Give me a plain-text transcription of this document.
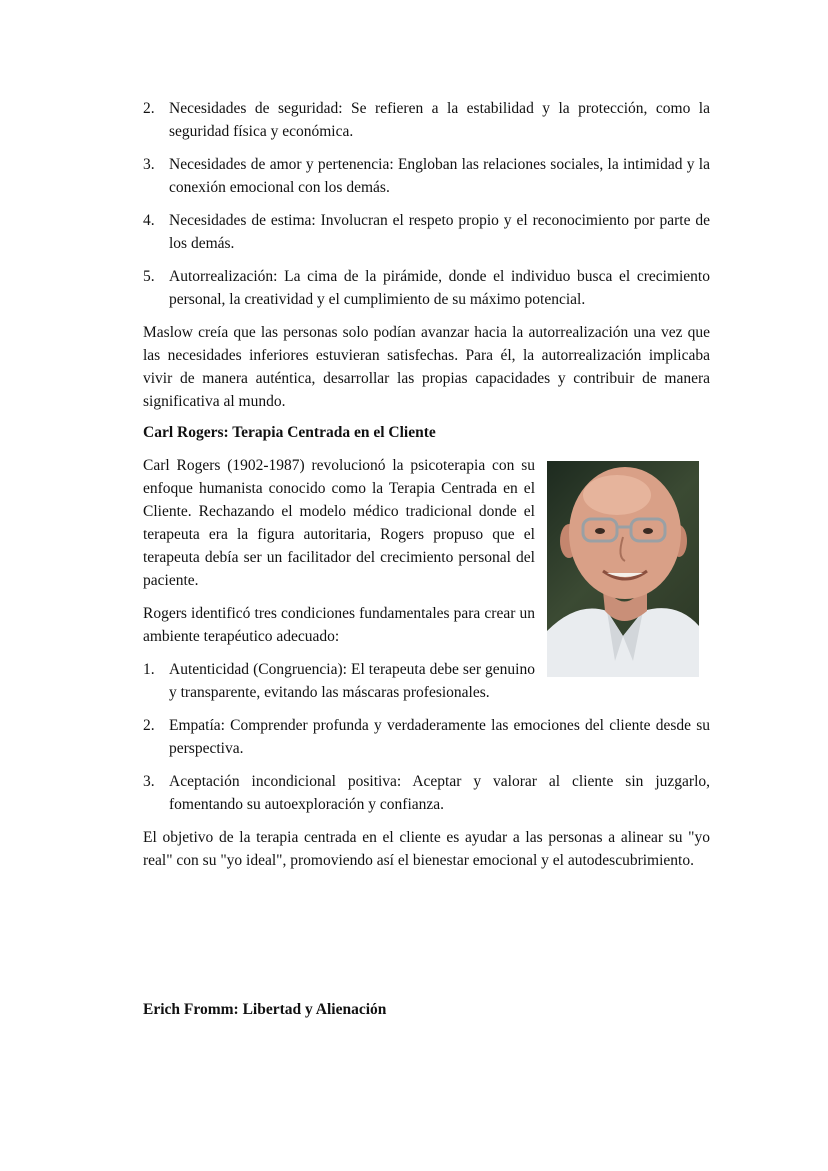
2. Necesidades de seguridad: Se refieren a la estabilidad y la protección, como la seguridad física y económica.
3. Necesidades de amor y pertenencia: Engloban las relaciones sociales, la intimidad y la conexión emocional con los demás.
4. Necesidades de estima: Involucran el respeto propio y el reconocimiento por parte de los demás.
5. Autorrealización: La cima de la pirámide, donde el individuo busca el crecimiento personal, la creatividad y el cumplimiento de su máximo potencial.

Maslow creía que las personas solo podían avanzar hacia la autorrealización una vez que las necesidades inferiores estuvieran satisfechas. Para él, la autorrealización implicaba vivir de manera auténtica, desarrollar las propias capacidades y contribuir de manera significativa al mundo.

Carl Rogers: Terapia Centrada en el Cliente

Carl Rogers (1902-1987) revolucionó la psicoterapia con su enfoque humanista conocido como la Terapia Centrada en el Cliente. Rechazando el modelo médico tradicional donde el terapeuta era la figura autoritaria, Rogers propuso que el terapeuta debía ser un facilitador del crecimiento personal del paciente.

Rogers identificó tres condiciones fundamentales para crear un ambiente terapéutico adecuado:

1. Autenticidad (Congruencia): El terapeuta debe ser genuino y transparente, evitando las máscaras profesionales.
2. Empatía: Comprender profunda y verdaderamente las emociones del cliente desde su perspectiva.
3. Aceptación incondicional positiva: Aceptar y valorar al cliente sin juzgarlo, fomentando su autoexploración y confianza.

El objetivo de la terapia centrada en el cliente es ayudar a las personas a alinear su "yo real" con su "yo ideal", promoviendo así el bienestar emocional y el autodescubrimiento.

Erich Fromm: Libertad y Alienación
